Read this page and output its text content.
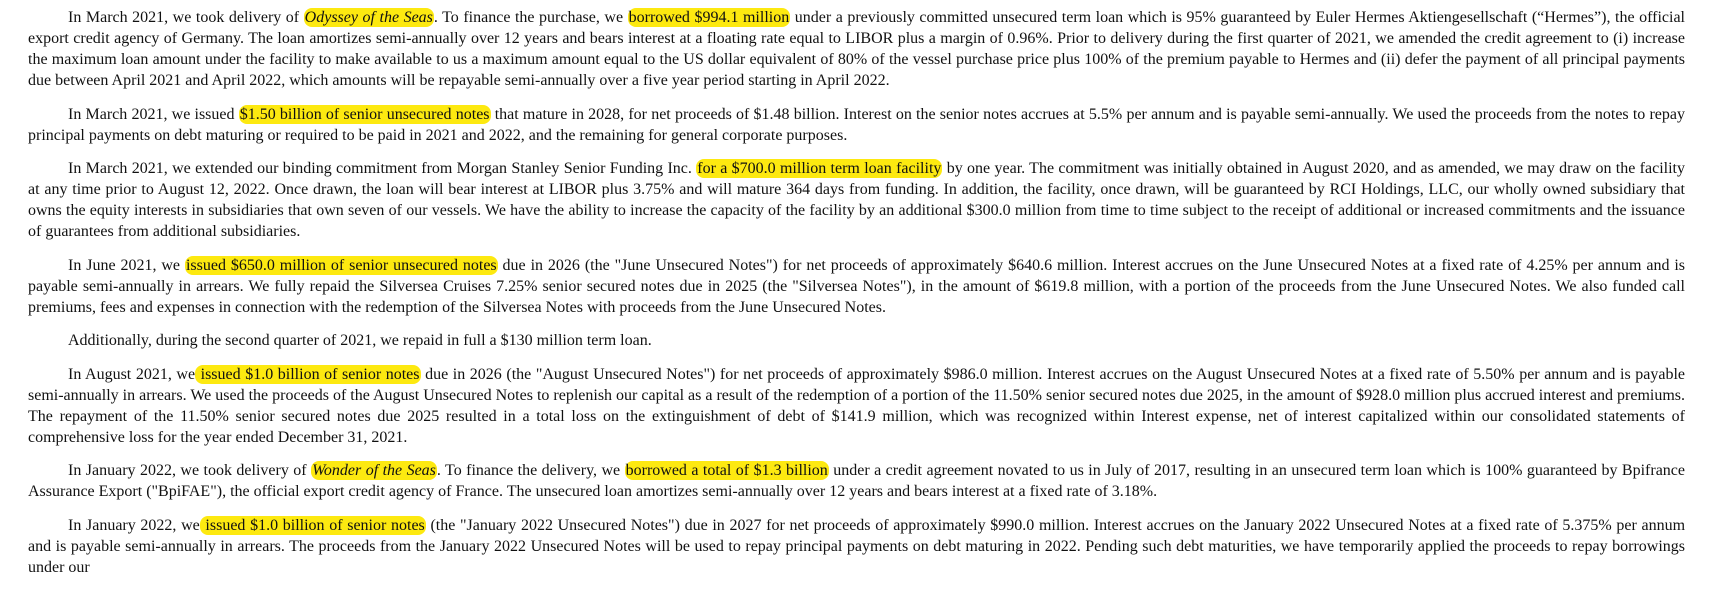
In March 2021, we took delivery of Odyssey of the Seas. To finance the purchase, we borrowed $994.1 million under a previously committed unsecured term loan which is 95% guaranteed by Euler Hermes Aktiengesellschaft (“Hermes”), the official export credit agency of Germany. The loan amortizes semi-annually over 12 years and bears interest at a floating rate equal to LIBOR plus a margin of 0.96%. Prior to delivery during the first quarter of 2021, we amended the credit agreement to (i) increase the maximum loan amount under the facility to make available to us a maximum amount equal to the US dollar equivalent of 80% of the vessel purchase price plus 100% of the premium payable to Hermes and (ii) defer the payment of all principal payments due between April 2021 and April 2022, which amounts will be repayable semi-annually over a five year period starting in April 2022.

In March 2021, we issued $1.50 billion of senior unsecured notes that mature in 2028, for net proceeds of $1.48 billion. Interest on the senior notes accrues at 5.5% per annum and is payable semi-annually. We used the proceeds from the notes to repay principal payments on debt maturing or required to be paid in 2021 and 2022, and the remaining for general corporate purposes.

In March 2021, we extended our binding commitment from Morgan Stanley Senior Funding Inc. for a $700.0 million term loan facility by one year. The commitment was initially obtained in August 2020, and as amended, we may draw on the facility at any time prior to August 12, 2022. Once drawn, the loan will bear interest at LIBOR plus 3.75% and will mature 364 days from funding. In addition, the facility, once drawn, will be guaranteed by RCI Holdings, LLC, our wholly owned subsidiary that owns the equity interests in subsidiaries that own seven of our vessels. We have the ability to increase the capacity of the facility by an additional $300.0 million from time to time subject to the receipt of additional or increased commitments and the issuance of guarantees from additional subsidiaries.

In June 2021, we issued $650.0 million of senior unsecured notes due in 2026 (the "June Unsecured Notes") for net proceeds of approximately $640.6 million. Interest accrues on the June Unsecured Notes at a fixed rate of 4.25% per annum and is payable semi-annually in arrears. We fully repaid the Silversea Cruises 7.25% senior secured notes due in 2025 (the "Silversea Notes"), in the amount of $619.8 million, with a portion of the proceeds from the June Unsecured Notes. We also funded call premiums, fees and expenses in connection with the redemption of the Silversea Notes with proceeds from the June Unsecured Notes.

Additionally, during the second quarter of 2021, we repaid in full a $130 million term loan.

In August 2021, we issued $1.0 billion of senior notes due in 2026 (the "August Unsecured Notes") for net proceeds of approximately $986.0 million. Interest accrues on the August Unsecured Notes at a fixed rate of 5.50% per annum and is payable semi-annually in arrears. We used the proceeds of the August Unsecured Notes to replenish our capital as a result of the redemption of a portion of the 11.50% senior secured notes due 2025, in the amount of $928.0 million plus accrued interest and premiums. The repayment of the 11.50% senior secured notes due 2025 resulted in a total loss on the extinguishment of debt of $141.9 million, which was recognized within Interest expense, net of interest capitalized within our consolidated statements of comprehensive loss for the year ended December 31, 2021.

In January 2022, we took delivery of Wonder of the Seas. To finance the delivery, we borrowed a total of $1.3 billion under a credit agreement novated to us in July of 2017, resulting in an unsecured term loan which is 100% guaranteed by Bpifrance Assurance Export ("BpiFAE"), the official export credit agency of France. The unsecured loan amortizes semi-annually over 12 years and bears interest at a fixed rate of 3.18%.

In January 2022, we issued $1.0 billion of senior notes (the "January 2022 Unsecured Notes") due in 2027 for net proceeds of approximately $990.0 million. Interest accrues on the January 2022 Unsecured Notes at a fixed rate of 5.375% per annum and is payable semi-annually in arrears. The proceeds from the January 2022 Unsecured Notes will be used to repay principal payments on debt maturing in 2022. Pending such debt maturities, we have temporarily applied the proceeds to repay borrowings under our
